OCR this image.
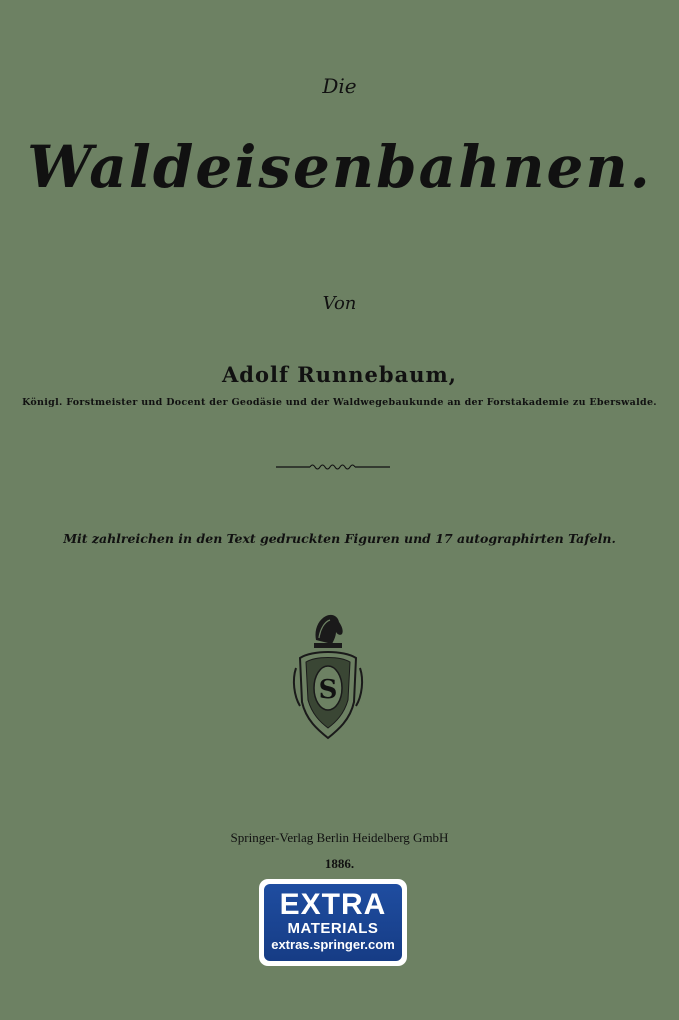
Die
Waldeisenbahnen.
Von
Adolf Runnebaum,
Königl. Forstmeister und Docent der Geodäsie und der Waldwegebaukunde an der Forstakademie zu Eberswalde.
Mit zahlreichen in den Text gedruckten Figuren und 17 autographirten Tafeln.
S
Springer-Verlag Berlin Heidelberg GmbH
1886.
EXTRA
MATERIALS
extras.springer.com
